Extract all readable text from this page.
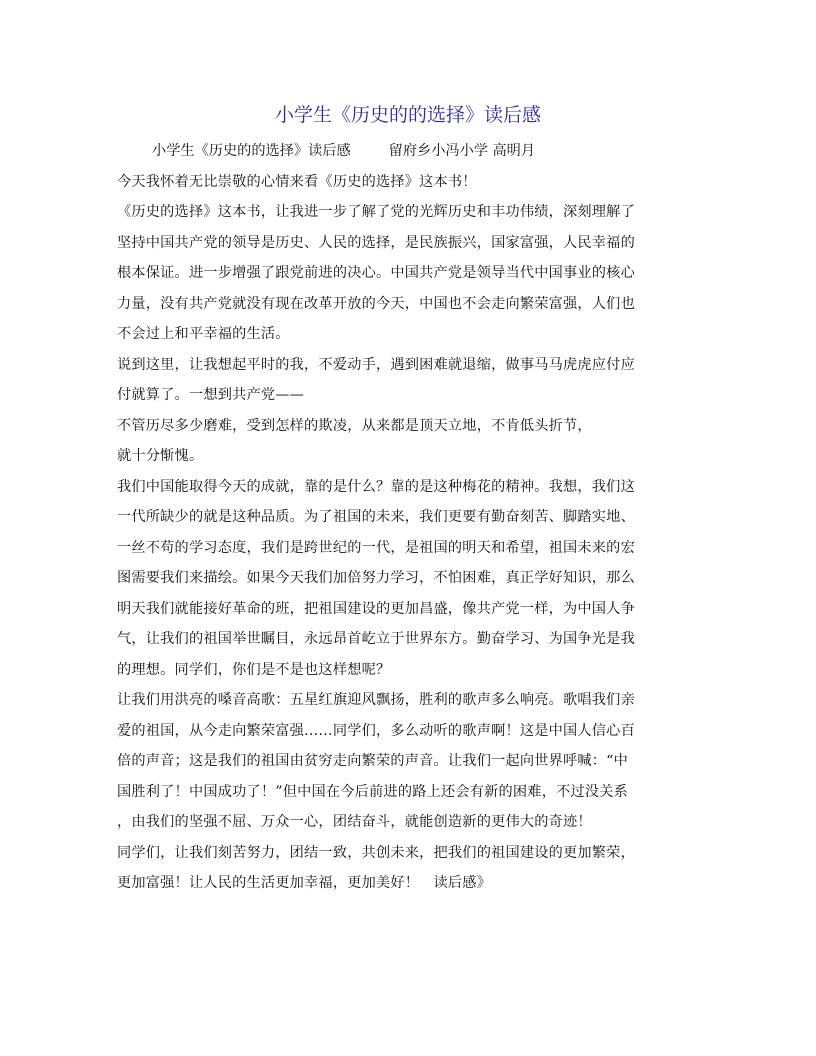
小学生《历史的的选择》读后感
小学生《历史的的选择》读后感	留府乡小冯小学 高明月
今天我怀着无比崇敬的心情来看《历史的选择》这本书！
《历史的选择》这本书，让我进一步了解了党的光辉历史和丰功伟绩，深刻理解了
坚持中国共产党的领导是历史、人民的选择，是民族振兴，国家富强，人民幸福的
根本保证。进一步增强了跟党前进的决心。中国共产党是领导当代中国事业的核心
力量，没有共产党就没有现在改革开放的今天，中国也不会走向繁荣富强，人们也
不会过上和平幸福的生活。
说到这里，让我想起平时的我，不爱动手，遇到困难就退缩，做事马马虎虎应付应
付就算了。一想到共产党——
不管历尽多少磨难，受到怎样的欺凌，从来都是顶天立地，不肯低头折节，
就十分惭愧。
我们中国能取得今天的成就，靠的是什么？靠的是这种梅花的精神。我想，我们这
一代所缺少的就是这种品质。为了祖国的未来，我们更要有勤奋刻苦、脚踏实地、
一丝不苟的学习态度，我们是跨世纪的一代，是祖国的明天和希望，祖国未来的宏
图需要我们来描绘。如果今天我们加倍努力学习，不怕困难，真正学好知识，那么
明天我们就能接好革命的班，把祖国建设的更加昌盛，像共产党一样，为中国人争
气，让我们的祖国举世瞩目，永远昂首屹立于世界东方。勤奋学习、为国争光是我
的理想。同学们，你们是不是也这样想呢？
让我们用洪亮的嗓音高歌：五星红旗迎风飘扬，胜利的歌声多么响亮。歌唱我们亲
爱的祖国，从今走向繁荣富强……同学们，多么动听的歌声啊！这是中国人信心百
倍的声音；这是我们的祖国由贫穷走向繁荣的声音。让我们一起向世界呼喊：“中
国胜利了！中国成功了！”但中国在今后前进的路上还会有新的困难，不过没关系
，由我们的坚强不屈、万众一心，团结奋斗，就能创造新的更伟大的奇迹！
同学们，让我们刻苦努力，团结一致，共创未来，把我们的祖国建设的更加繁荣，
更加富强！让人民的生活更加幸福，更加美好！　读后感》
